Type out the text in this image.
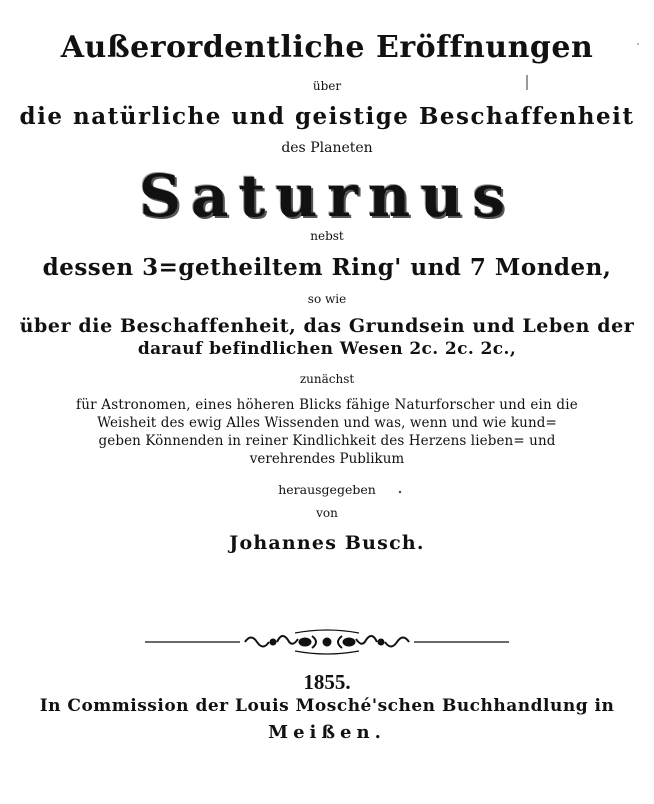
Außerordentliche Eröffnungen
über
die natürliche und geistige Beschaffenheit
des Planeten
Saturnus
nebst
dessen 3=getheiltem Ring' und 7 Monden,
so wie
über die Beschaffenheit, das Grundsein und Leben der
darauf befindlichen Wesen 2c. 2c. 2c.,
zunächst
für Astronomen, eines höheren Blicks fähige Naturforscher und ein die
Weisheit des ewig Alles Wissenden und was, wenn und wie kund=
geben Könnenden in reiner Kindlichkeit des Herzens lieben= und
verehrendes Publikum
herausgegeben
von
Johannes Busch.
1855.
In Commission der Louis Mosché'schen Buchhandlung in
Meißen.
